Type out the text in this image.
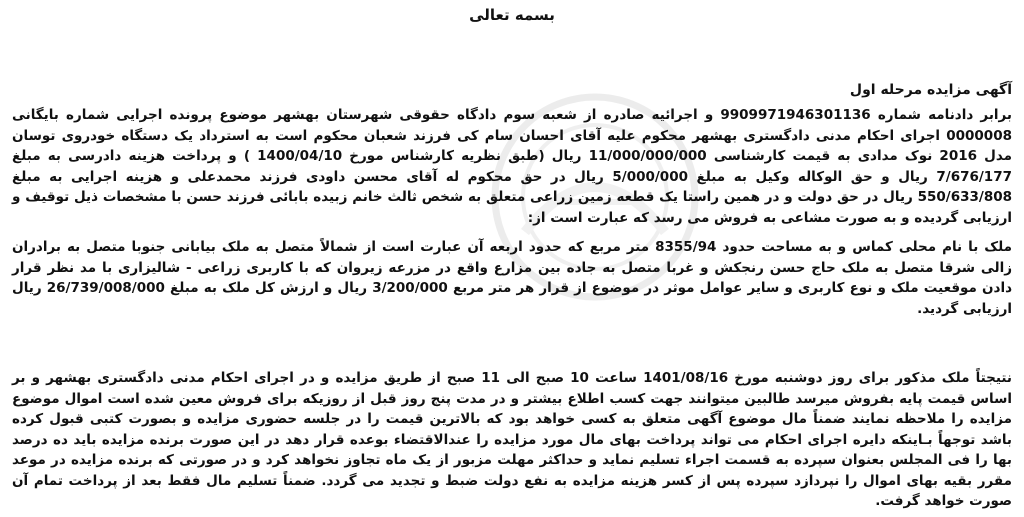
بسمه تعالی
آگهی مزایده مرحله اول

برابر دادنامه شماره 9909971946301136 و اجرائیه صادره از شعبه سوم دادگاه حقوقی شهرستان بهشهر موضوع پرونده اجرایی شماره بایگانی 0000008 اجرای احکام مدنی دادگستری بهشهر محکوم علیه آقای احسان سام کی فرزند شعبان محکوم است به استرداد یک دستگاه خودروی توسان مدل 2016 نوک مدادی به قیمت کارشناسی 11/000/000/000 ریال (طبق نظریه کارشناس مورخ 1400/04/10 ) و پرداخت هزینه دادرسی به مبلغ 7/676/177 ریال و حق الوکاله وکیل به مبلغ 5/000/000 ریال در حق محکوم له آقای محسن داودی فرزند محمدعلی و هزینه اجرایی به مبلغ 550/633/808 ریال در حق دولت و در همین راستا یک قطعه زمین زراعی متعلق به شخص ثالث خانم زبیده بابائی فرزند حسن با مشخصات ذیل توقیف و ارزیابی گردیده و به صورت مشاعی به فروش می رسد که عبارت است از:

ملک با نام محلی کماس و به مساحت حدود 8355/94 متر مربع که حدود اربعه آن عبارت است از شمالاً متصل به ملک بیابانی جنوبا متصل به برادران زالی شرقا متصل به ملک حاج حسن رنجکش و غربا متصل به جاده بین مزارع واقع در مزرعه زیروان که با کاربری زراعی - شالیزاری با مد نظر قرار دادن موقعیت ملک و نوع کاربری و سایر عوامل موثر در موضوع از قرار هر متر مربع 3/200/000 ریال و ارزش کل ملک به مبلغ 26/739/008/000 ریال ارزیابی گردید.

نتیجتاً ملک مذکور برای روز دوشنبه مورخ 1401/08/16 ساعت 10 صبح الی 11 صبح از طریق مزایده و در اجرای احکام مدنی دادگستری بهشهر و بر اساس قیمت پایه بفروش میرسد طالبین میتوانند جهت کسب اطلاع بیشتر و در مدت پنج روز قبل از روزیکه برای فروش معین شده است اموال موضوع مزایده را ملاحظه نمایند ضمناً مال موضوع آگهی متعلق به کسی خواهد بود که بالاترین قیمت را در جلسه حضوری مزایده و بصورت کتبی قبول کرده باشد توجهاً بـاینکه دایره اجرای احکام می تواند پرداخت بهای مال مورد مزایده را عندالاقتضاء بوعده قرار دهد در این صورت برنده مزایده باید ده درصد بها را فی المجلس بعنوان سپرده به قسمت اجراء تسلیم نماید و حداکثر مهلت مزبور از یک ماه تجاوز نخواهد کرد و در صورتی که برنده مزایده در موعد مقرر بقیه بهای اموال را نپردازد سپرده پس از کسر هزینه مزایده به نفع دولت ضبط و تجدید می گردد. ضمناً تسلیم مال فقط بعد از پرداخت تمام آن صورت خواهد گرفت.
